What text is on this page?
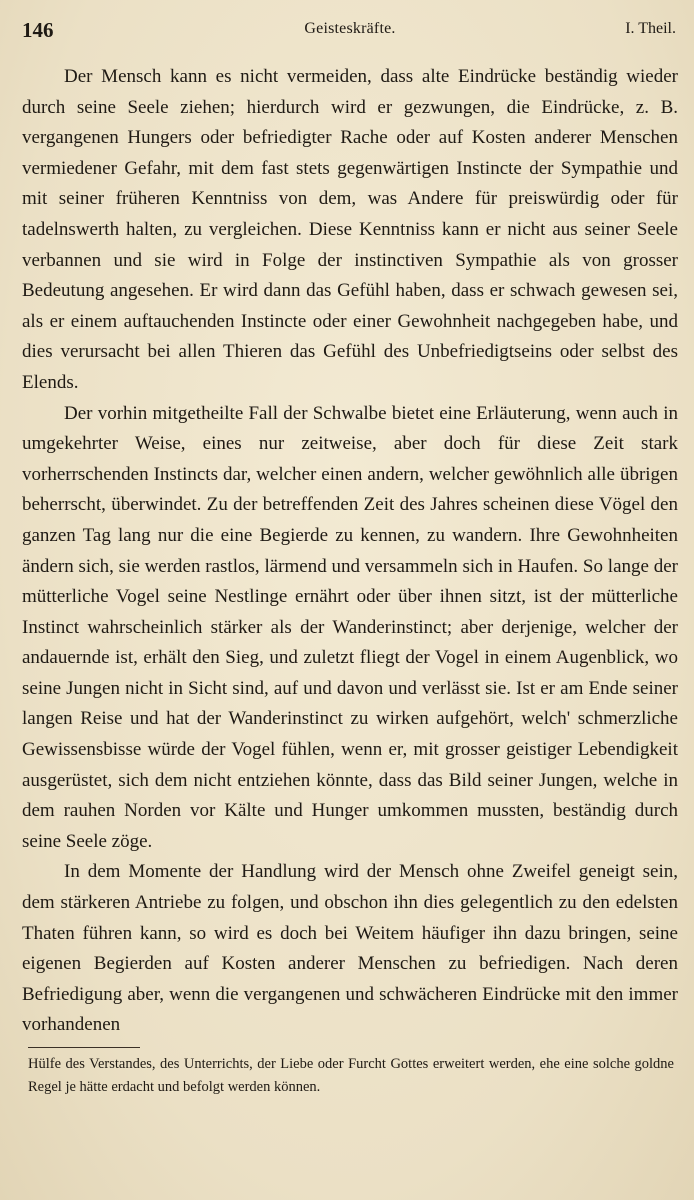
146	Geisteskräfte.	I. Theil.

Der Mensch kann es nicht vermeiden, dass alte Eindrücke beständig wieder durch seine Seele ziehen; hierdurch wird er gezwungen, die Eindrücke, z. B. vergangenen Hungers oder befriedigter Rache oder auf Kosten anderer Menschen vermiedener Gefahr, mit dem fast stets gegenwärtigen Instincte der Sympathie und mit seiner früheren Kenntniss von dem, was Andere für preiswürdig oder für tadelnswerth halten, zu vergleichen. Diese Kenntniss kann er nicht aus seiner Seele verbannen und sie wird in Folge der instinctiven Sympathie als von grosser Bedeutung angesehen. Er wird dann das Gefühl haben, dass er schwach gewesen sei, als er einem auftauchenden Instincte oder einer Gewohnheit nachgegeben habe, und dies verursacht bei allen Thieren das Gefühl des Unbefriedigtseins oder selbst des Elends.

Der vorhin mitgetheilte Fall der Schwalbe bietet eine Erläuterung, wenn auch in umgekehrter Weise, eines nur zeitweise, aber doch für diese Zeit stark vorherrschenden Instincts dar, welcher einen andern, welcher gewöhnlich alle übrigen beherrscht, überwindet. Zu der betreffenden Zeit des Jahres scheinen diese Vögel den ganzen Tag lang nur die eine Begierde zu kennen, zu wandern. Ihre Gewohnheiten ändern sich, sie werden rastlos, lärmend und versammeln sich in Haufen. So lange der mütterliche Vogel seine Nestlinge ernährt oder über ihnen sitzt, ist der mütterliche Instinct wahrscheinlich stärker als der Wanderinstinct; aber derjenige, welcher der andauernde ist, erhält den Sieg, und zuletzt fliegt der Vogel in einem Augenblick, wo seine Jungen nicht in Sicht sind, auf und davon und verlässt sie. Ist er am Ende seiner langen Reise und hat der Wanderinstinct zu wirken aufgehört, welch' schmerzliche Gewissensbisse würde der Vogel fühlen, wenn er, mit grosser geistiger Lebendigkeit ausgerüstet, sich dem nicht entziehen könnte, dass das Bild seiner Jungen, welche in dem rauhen Norden vor Kälte und Hunger umkommen mussten, beständig durch seine Seele zöge.

In dem Momente der Handlung wird der Mensch ohne Zweifel geneigt sein, dem stärkeren Antriebe zu folgen, und obschon ihn dies gelegentlich zu den edelsten Thaten führen kann, so wird es doch bei Weitem häufiger ihn dazu bringen, seine eigenen Begierden auf Kosten anderer Menschen zu befriedigen. Nach deren Befriedigung aber, wenn die vergangenen und schwächeren Eindrücke mit den immer vorhandenen

Hülfe des Verstandes, des Unterrichts, der Liebe oder Furcht Gottes erweitert werden, ehe eine solche goldne Regel je hätte erdacht und befolgt werden können.
